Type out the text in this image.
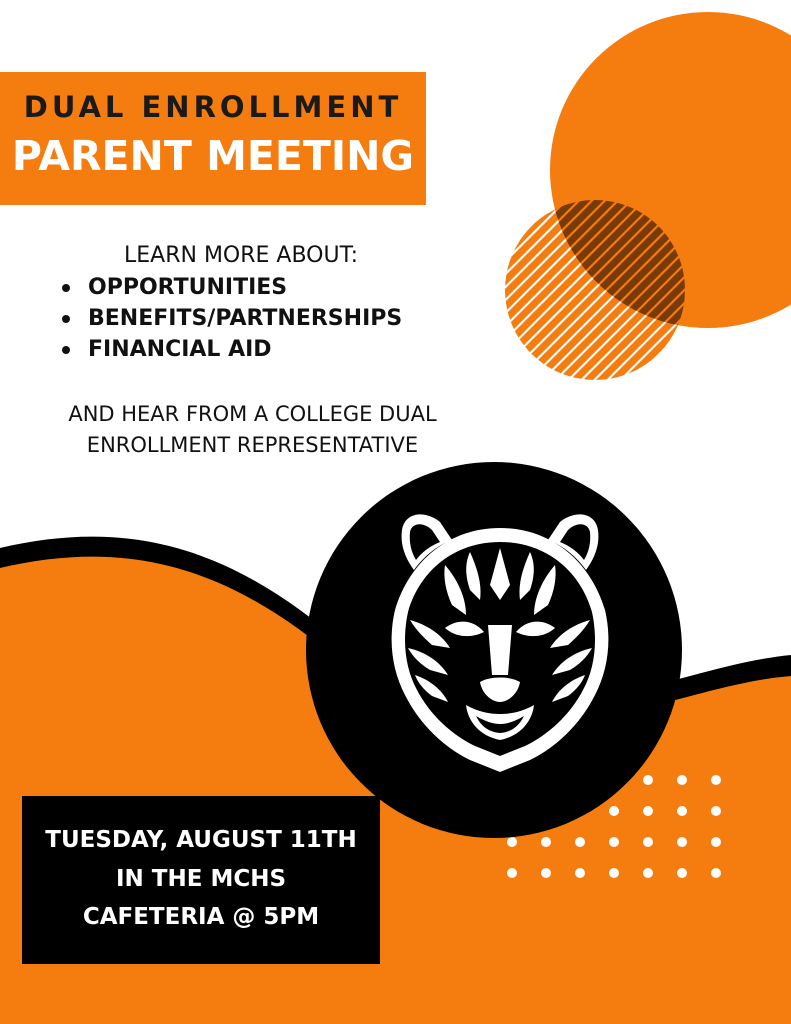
DUAL ENROLLMENT
PARENT MEETING
LEARN MORE ABOUT:
OPPORTUNITIES
BENEFITS/PARTNERSHIPS
FINANCIAL AID
AND HEAR FROM A COLLEGE DUAL
ENROLLMENT REPRESENTATIVE
TUESDAY, AUGUST 11TH
IN THE MCHS
CAFETERIA @ 5PM
